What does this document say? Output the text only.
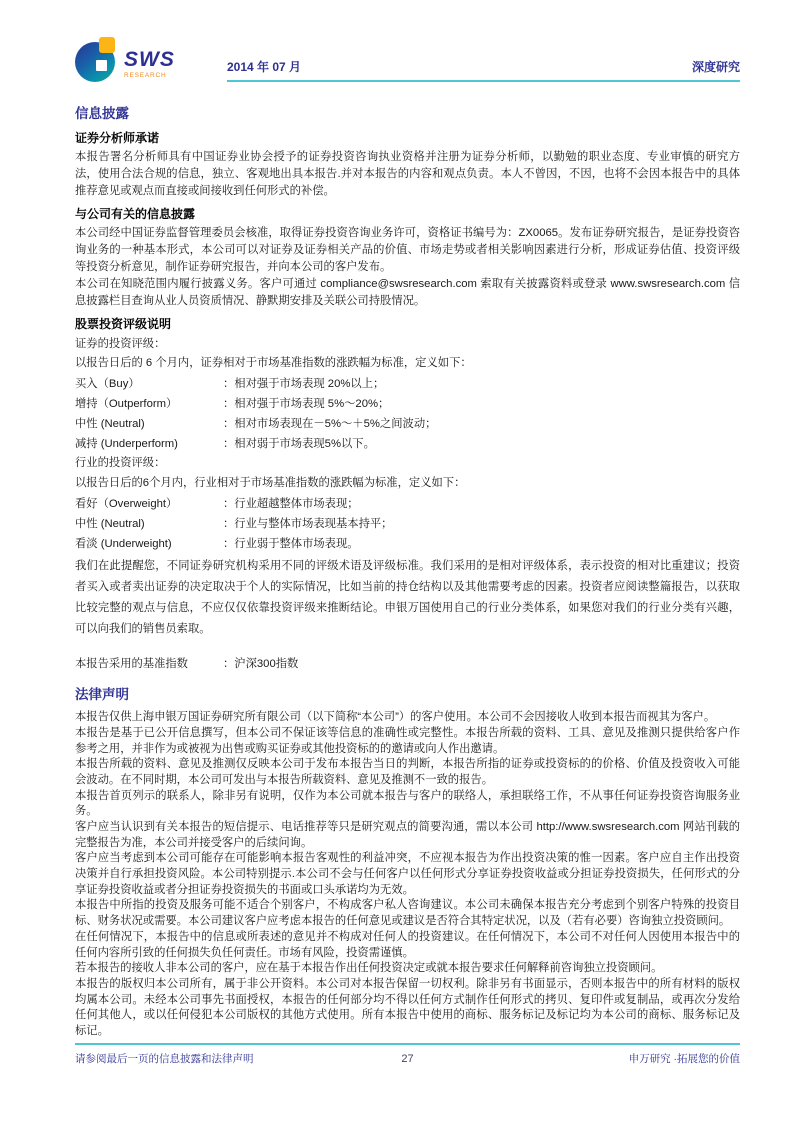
SWS
RESEARCH
2014 年 07 月	深度研究
信息披露
证券分析师承诺

本报告署名分析师具有中国证券业协会授予的证券投资咨询执业资格并注册为证券分析师，以勤勉的职业态度、专业审慎的研究方法，使用合法合规的信息，独立、客观地出具本报告.并对本报告的内容和观点负责。本人不曾因，不因，也将不会因本报告中的具体推荐意见或观点而直接或间接收到任何形式的补偿。

与公司有关的信息披露

本公司经中国证券监督管理委员会核准，取得证券投资咨询业务许可，资格证书编号为：ZX0065。发布证券研究报告，是证券投资咨询业务的一种基本形式，本公司可以对证券及证券相关产品的价值、市场走势或者相关影响因素进行分析，形成证券估值、投资评级等投资分析意见，制作证券研究报告，并向本公司的客户发布。

本公司在知晓范围内履行披露义务。客户可通过 compliance@swsresearch.com 索取有关披露资料或登录 www.swsresearch.com 信息披露栏目查询从业人员资质情况、静默期安排及关联公司持股情况。

股票投资评级说明

证券的投资评级：

以报告日后的 6 个月内，证券相对于市场基准指数的涨跌幅为标准，定义如下：

买入（Buy）	：相对强于市场表现 20%以上；
增持（Outperform）	：相对强于市场表现 5%～20%；
中性 (Neutral)	：相对市场表现在－5%～＋5%之间波动；
减持 (Underperform)	：相对弱于市场表现5%以下。

行业的投资评级：

以报告日后的6个月内，行业相对于市场基准指数的涨跌幅为标准，定义如下：

看好（Overweight）	：行业超越整体市场表现；
中性 (Neutral)	：行业与整体市场表现基本持平；
看淡 (Underweight)	：行业弱于整体市场表现。

我们在此提醒您，不同证券研究机构采用不同的评级术语及评级标准。我们采用的是相对评级体系，表示投资的相对比重建议；投资者买入或者卖出证券的决定取决于个人的实际情况，比如当前的持仓结构以及其他需要考虑的因素。投资者应阅读整篇报告，以获取比较完整的观点与信息，不应仅仅依靠投资评级来推断结论。申银万国使用自己的行业分类体系，如果您对我们的行业分类有兴趣，可以向我们的销售员索取。

本报告采用的基准指数	：沪深300指数
法律声明

本报告仅供上海申银万国证券研究所有限公司（以下简称“本公司”）的客户使用。本公司不会因接收人收到本报告而视其为客户。

本报告是基于已公开信息撰写，但本公司不保证该等信息的准确性或完整性。本报告所载的资料、工具、意见及推测只提供给客户作参考之用，并非作为或被视为出售或购买证券或其他投资标的的邀请或向人作出邀请。

本报告所载的资料、意见及推测仅反映本公司于发布本报告当日的判断，本报告所指的证券或投资标的的价格、价值及投资收入可能会波动。在不同时期，本公司可发出与本报告所载资料、意见及推测不一致的报告。

本报告首页列示的联系人，除非另有说明，仅作为本公司就本报告与客户的联络人，承担联络工作，不从事任何证券投资咨询服务业务。

客户应当认识到有关本报告的短信提示、电话推荐等只是研究观点的简要沟通，需以本公司 http://www.swsresearch.com 网站刊载的完整报告为准，本公司并接受客户的后续问询。

客户应当考虑到本公司可能存在可能影响本报告客观性的利益冲突，不应视本报告为作出投资决策的惟一因素。客户应自主作出投资决策并自行承担投资风险。本公司特别提示.本公司不会与任何客户以任何形式分享证券投资收益或分担证券投资损失，任何形式的分享证券投资收益或者分担证券投资损失的书面或口头承诺均为无效。

本报告中所指的投资及服务可能不适合个别客户，不构成客户私人咨询建议。本公司未确保本报告充分考虑到个别客户特殊的投资目标、财务状况或需要。本公司建议客户应考虑本报告的任何意见或建议是否符合其特定状况，以及（若有必要）咨询独立投资顾问。

在任何情况下，本报告中的信息或所表述的意见并不构成对任何人的投资建议。在任何情况下，本公司不对任何人因使用本报告中的任何内容所引致的任何损失负任何责任。市场有风险，投资需谨慎。

若本报告的接收人非本公司的客户，应在基于本报告作出任何投资决定或就本报告要求任何解释前咨询独立投资顾问。

本报告的版权归本公司所有，属于非公开资料。本公司对本报告保留一切权利。除非另有书面显示，否则本报告中的所有材料的版权均属本公司。未经本公司事先书面授权，本报告的任何部分均不得以任何方式制作任何形式的拷贝、复印件或复制品，或再次分发给任何其他人，或以任何侵犯本公司版权的其他方式使用。所有本报告中使用的商标、服务标记及标记均为本公司的商标、服务标记及标记。

请参阅最后一页的信息披露和法律声明	27	申万研究 ·拓展您的价值
